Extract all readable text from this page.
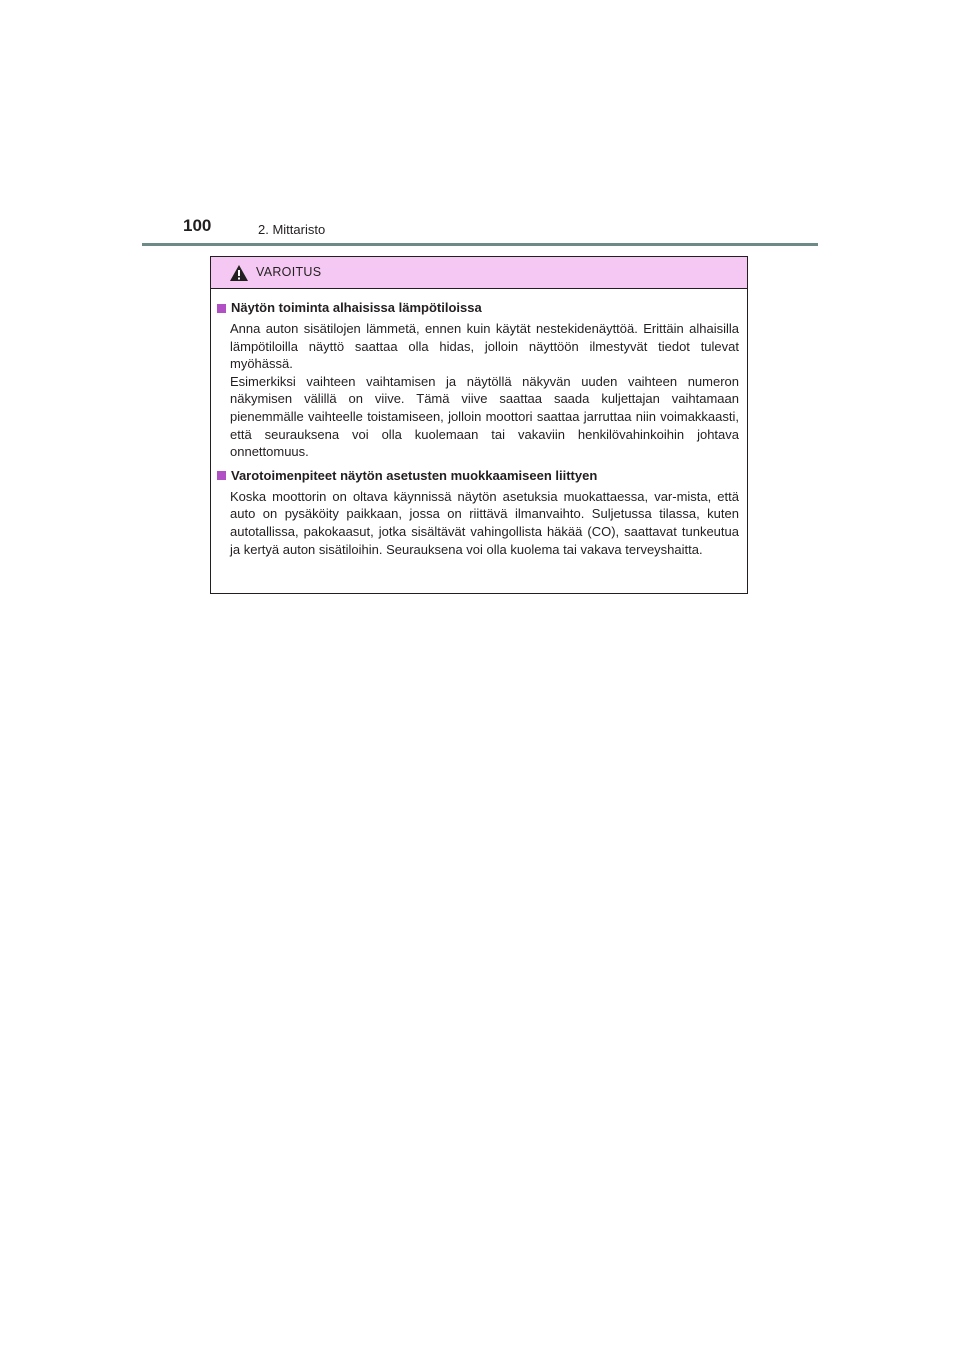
100	2. Mittaristo
VAROITUS
Näytön toiminta alhaisissa lämpötiloissa

Anna auton sisätilojen lämmetä, ennen kuin käytät nestekidenäyttöä. Erittäin alhaisilla lämpötiloilla näyttö saattaa olla hidas, jolloin näyttöön ilmestyvät tiedot tulevat myöhässä.

Esimerkiksi vaihteen vaihtamisen ja näytöllä näkyvän uuden vaihteen numeron näkymisen välillä on viive. Tämä viive saattaa saada kuljettajan vaihtamaan pienemmälle vaihteelle toistamiseen, jolloin moottori saattaa jarruttaa niin voimakkaasti, että seurauksena voi olla kuolemaan tai vakaviin henkilövahinkoihin johtava onnettomuus.

Varotoimenpiteet näytön asetusten muokkaamiseen liittyen

Koska moottorin on oltava käynnissä näytön asetuksia muokattaessa, var-mista, että auto on pysäköity paikkaan, jossa on riittävä ilmanvaihto. Suljetussa tilassa, kuten autotallissa, pakokaasut, jotka sisältävät vahingollista häkää (CO), saattavat tunkeutua ja kertyä auton sisätiloihin. Seurauksena voi olla kuolema tai vakava terveyshaitta.
